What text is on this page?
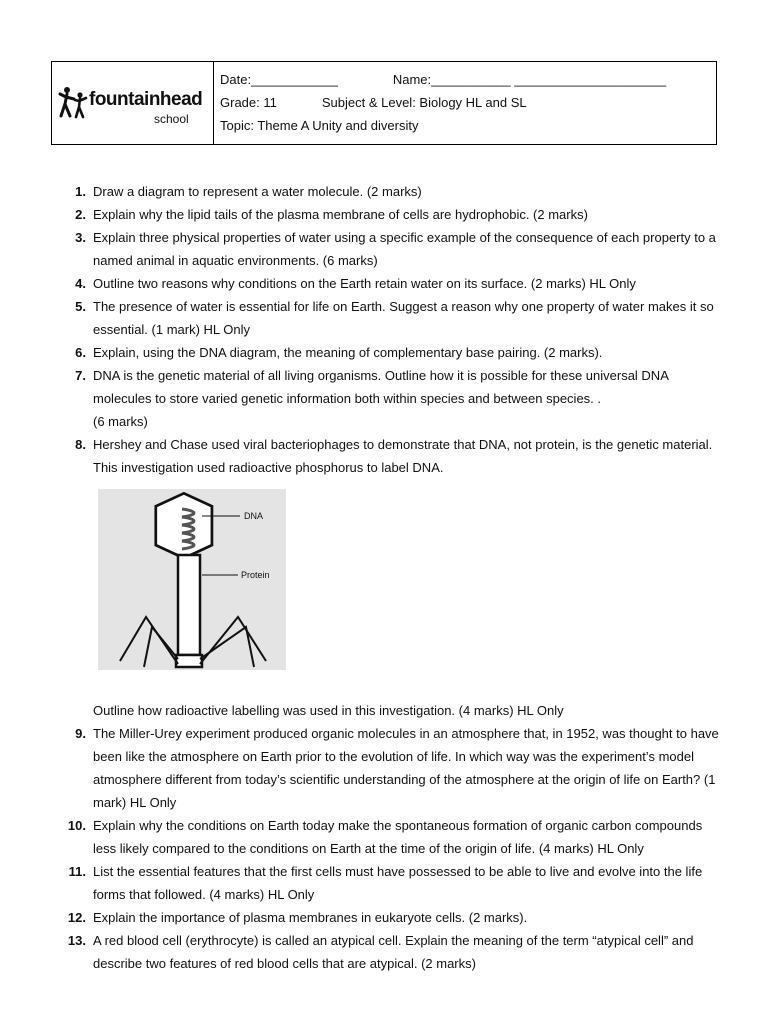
fountainhead
school
Date:____________	Name:___________ _____________________
Grade: 11	Subject & Level: Biology HL and SL
Topic: Theme A Unity and diversity
1. Draw a diagram to represent a water molecule. (2 marks)
2. Explain why the lipid tails of the plasma membrane of cells are hydrophobic. (2 marks)
3. Explain three physical properties of water using a specific example of the consequence of each property to a named animal in aquatic environments. (6 marks)
4. Outline two reasons why conditions on the Earth retain water on its surface. (2 marks) HL Only
5. The presence of water is essential for life on Earth. Suggest a reason why one property of water makes it so essential. (1 mark) HL Only
6. Explain, using the DNA diagram, the meaning of complementary base pairing. (2 marks).
7. DNA is the genetic material of all living organisms. Outline how it is possible for these universal DNA molecules to store varied genetic information both within species and between species. .
(6 marks)
8. Hershey and Chase used viral bacteriophages to demonstrate that DNA, not protein, is the genetic material. This investigation used radioactive phosphorus to label DNA.
DNA
Protein
Outline how radioactive labelling was used in this investigation. (4 marks) HL Only
9. The Miller-Urey experiment produced organic molecules in an atmosphere that, in 1952, was thought to have been like the atmosphere on Earth prior to the evolution of life. In which way was the experiment’s model atmosphere different from today’s scientific understanding of the atmosphere at the origin of life on Earth? (1 mark) HL Only
10. Explain why the conditions on Earth today make the spontaneous formation of organic carbon compounds less likely compared to the conditions on Earth at the time of the origin of life. (4 marks) HL Only
11. List the essential features that the first cells must have possessed to be able to live and evolve into the life forms that followed. (4 marks) HL Only
12. Explain the importance of plasma membranes in eukaryote cells. (2 marks).
13. A red blood cell (erythrocyte) is called an atypical cell. Explain the meaning of the term “atypical cell” and describe two features of red blood cells that are atypical. (2 marks)
